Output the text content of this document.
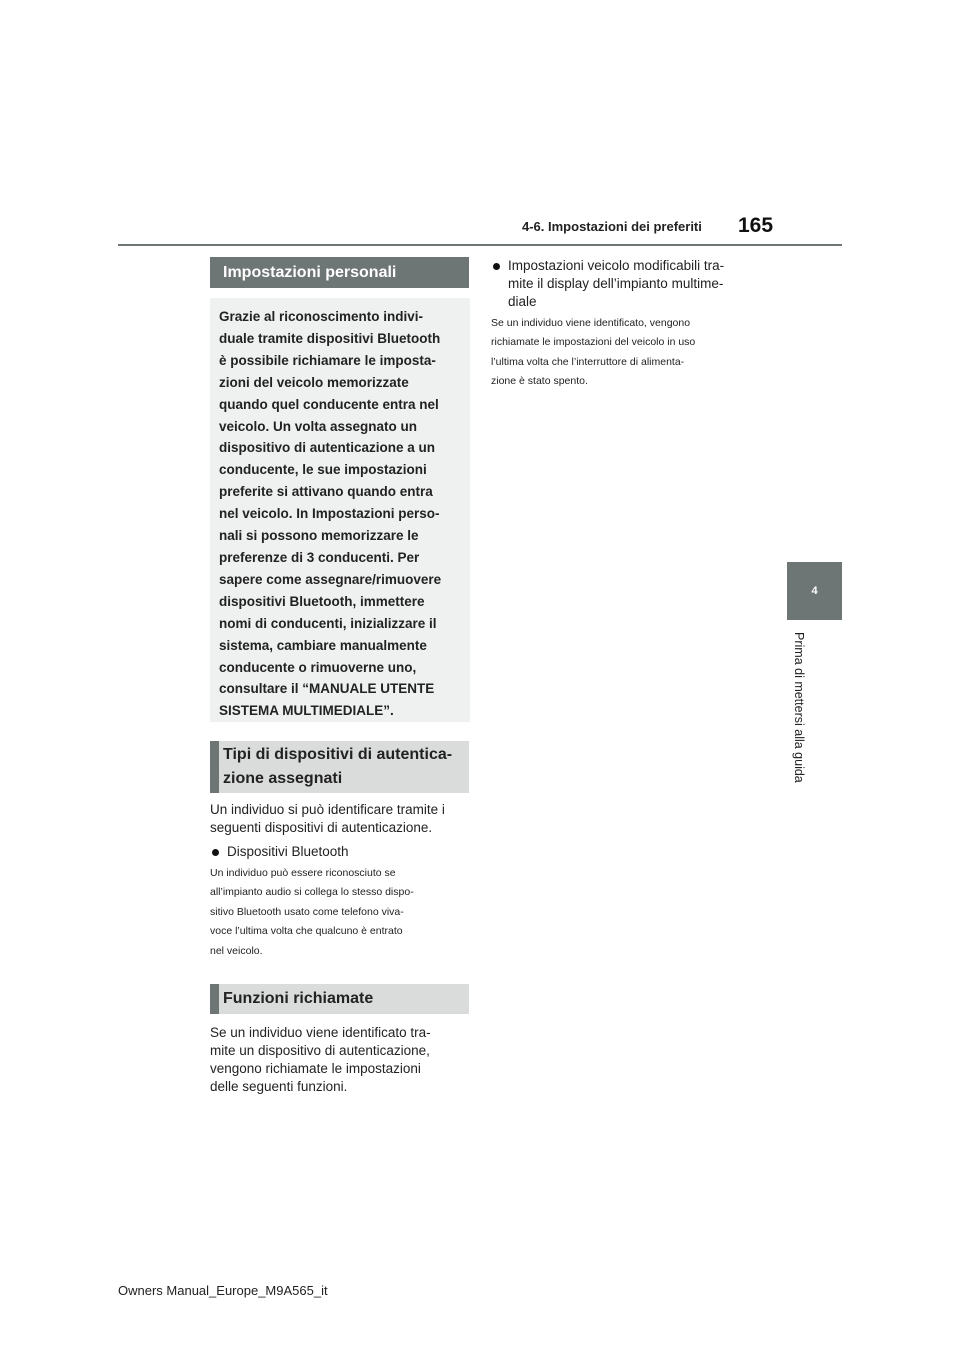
4-6. Impostazioni dei preferiti 165
4
Prima di mettersi alla guida
Impostazioni personali
Grazie al riconoscimento indivi-
duale tramite dispositivi Bluetooth
è possibile richiamare le imposta-
zioni del veicolo memorizzate
quando quel conducente entra nel
veicolo. Un volta assegnato un
dispositivo di autenticazione a un
conducente, le sue impostazioni
preferite si attivano quando entra
nel veicolo. In Impostazioni perso-
nali si possono memorizzare le
preferenze di 3 conducenti. Per
sapere come assegnare/rimuovere
dispositivi Bluetooth, immettere
nomi di conducenti, inizializzare il
sistema, cambiare manualmente
conducente o rimuoverne uno,
consultare il “MANUALE UTENTE
SISTEMA MULTIMEDIALE”.
Tipi di dispositivi di autentica-
zione assegnati
Un individuo si può identificare tramite i
seguenti dispositivi di autenticazione.
Dispositivi Bluetooth
Un individuo può essere riconosciuto se
all’impianto audio si collega lo stesso dispo-
sitivo Bluetooth usato come telefono viva-
voce l’ultima volta che qualcuno è entrato
nel veicolo.
Funzioni richiamate
Se un individuo viene identificato tra-
mite un dispositivo di autenticazione,
vengono richiamate le impostazioni
delle seguenti funzioni.
Impostazioni veicolo modificabili tra-
mite il display dell’impianto multime-
diale
Se un individuo viene identificato, vengono
richiamate le impostazioni del veicolo in uso
l’ultima volta che l’interruttore di alimenta-
zione è stato spento.
Owners Manual_Europe_M9A565_it
